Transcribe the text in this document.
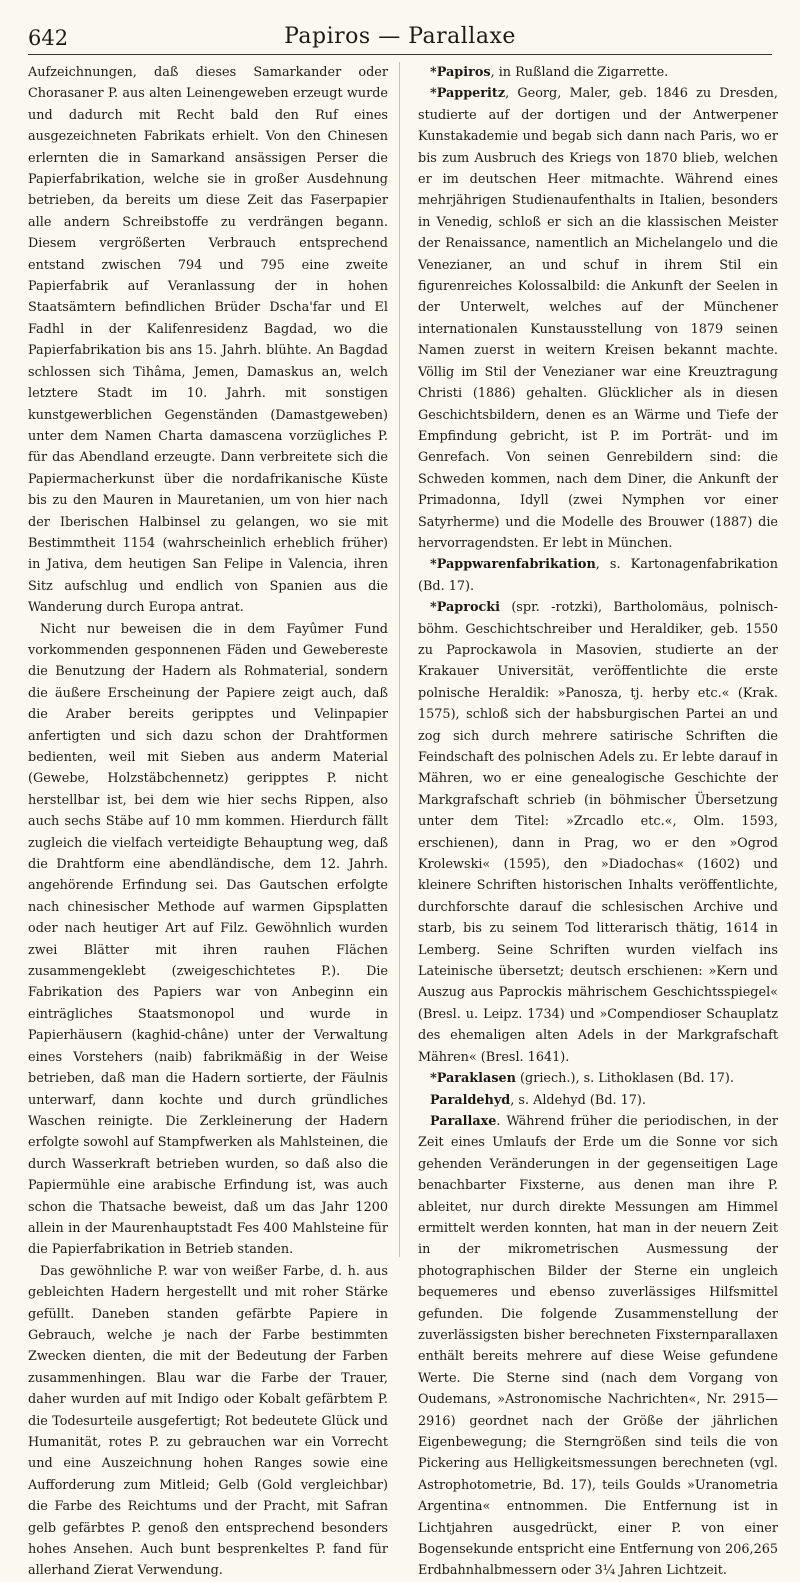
642	Papiros — Parallaxe

Aufzeichnungen, daß dieses Samarkander oder Chorasaner P. aus alten Leinengeweben erzeugt wurde und dadurch mit Recht bald den Ruf eines ausgezeichneten Fabrikats erhielt. Von den Chinesen erlernten die in Samarkand ansässigen Perser die Papierfabrikation, welche sie in großer Ausdehnung betrieben, da bereits um diese Zeit das Faserpapier alle andern Schreibstoffe zu verdrängen begann. Diesem vergrößerten Verbrauch entsprechend entstand zwischen 794 und 795 eine zweite Papierfabrik auf Veranlassung der in hohen Staatsämtern befindlichen Brüder Dscha'far und El Fadhl in der Kalifenresidenz Bagdad, wo die Papierfabrikation bis ans 15. Jahrh. blühte. An Bagdad schlossen sich Tihâma, Jemen, Damaskus an, welch letztere Stadt im 10. Jahrh. mit sonstigen kunstgewerblichen Gegenständen (Damastgeweben) unter dem Namen Charta damascena vorzügliches P. für das Abendland erzeugte. Dann verbreitete sich die Papiermacherkunst über die nordafrikanische Küste bis zu den Mauren in Mauretanien, um von hier nach der Iberischen Halbinsel zu gelangen, wo sie mit Bestimmtheit 1154 (wahrscheinlich erheblich früher) in Jativa, dem heutigen San Felipe in Valencia, ihren Sitz aufschlug und endlich von Spanien aus die Wanderung durch Europa antrat.

Nicht nur beweisen die in dem Fayûmer Fund vorkommenden gesponnenen Fäden und Gewebereste die Benutzung der Hadern als Rohmaterial, sondern die äußere Erscheinung der Papiere zeigt auch, daß die Araber bereits geripptes und Velinpapier anfertigten und sich dazu schon der Drahtformen bedienten, weil mit Sieben aus anderm Material (Gewebe, Holzstäbchennetz) geripptes P. nicht herstellbar ist, bei dem wie hier sechs Rippen, also auch sechs Stäbe auf 10 mm kommen. Hierdurch fällt zugleich die vielfach verteidigte Behauptung weg, daß die Drahtform eine abendländische, dem 12. Jahrh. angehörende Erfindung sei. Das Gautschen erfolgte nach chinesischer Methode auf warmen Gipsplatten oder nach heutiger Art auf Filz. Gewöhnlich wurden zwei Blätter mit ihren rauhen Flächen zusammengeklebt (zweigeschichtetes P.). Die Fabrikation des Papiers war von Anbeginn ein einträgliches Staatsmonopol und wurde in Papierhäusern (kaghid-châne) unter der Verwaltung eines Vorstehers (naib) fabrikmäßig in der Weise betrieben, daß man die Hadern sortierte, der Fäulnis unterwarf, dann kochte und durch gründliches Waschen reinigte. Die Zerkleinerung der Hadern erfolgte sowohl auf Stampfwerken als Mahlsteinen, die durch Wasserkraft betrieben wurden, so daß also die Papiermühle eine arabische Erfindung ist, was auch schon die Thatsache beweist, daß um das Jahr 1200 allein in der Maurenhauptstadt Fes 400 Mahlsteine für die Papierfabrikation in Betrieb standen.

Das gewöhnliche P. war von weißer Farbe, d. h. aus gebleichten Hadern hergestellt und mit roher Stärke gefüllt. Daneben standen gefärbte Papiere in Gebrauch, welche je nach der Farbe bestimmten Zwecken dienten, die mit der Bedeutung der Farben zusammenhingen. Blau war die Farbe der Trauer, daher wurden auf mit Indigo oder Kobalt gefärbtem P. die Todesurteile ausgefertigt; Rot bedeutete Glück und Humanität, rotes P. zu gebrauchen war ein Vorrecht und eine Auszeichnung hohen Ranges sowie eine Aufforderung zum Mitleid; Gelb (Gold vergleichbar) die Farbe des Reichtums und der Pracht, mit Safran gelb gefärbtes P. genoß den entsprechend besonders hohes Ansehen. Auch bunt besprenkeltes P. fand für allerhand Zierat Verwendung.

*Papiros, in Rußland die Zigarrette.

*Papperitz, Georg, Maler, geb. 1846 zu Dresden, studierte auf der dortigen und der Antwerpener Kunstakademie und begab sich dann nach Paris, wo er bis zum Ausbruch des Kriegs von 1870 blieb, welchen er im deutschen Heer mitmachte. Während eines mehrjährigen Studienaufenthalts in Italien, besonders in Venedig, schloß er sich an die klassischen Meister der Renaissance, namentlich an Michelangelo und die Venezianer, an und schuf in ihrem Stil ein figurenreiches Kolossalbild: die Ankunft der Seelen in der Unterwelt, welches auf der Münchener internationalen Kunstausstellung von 1879 seinen Namen zuerst in weitern Kreisen bekannt machte. Völlig im Stil der Venezianer war eine Kreuztragung Christi (1886) gehalten. Glücklicher als in diesen Geschichtsbildern, denen es an Wärme und Tiefe der Empfindung gebricht, ist P. im Porträt- und im Genrefach. Von seinen Genrebildern sind: die Schweden kommen, nach dem Diner, die Ankunft der Primadonna, Idyll (zwei Nymphen vor einer Satyrherme) und die Modelle des Brouwer (1887) die hervorragendsten. Er lebt in München.

*Pappwarenfabrikation, s. Kartonagenfabrikation (Bd. 17).

*Paprocki (spr. -rotzki), Bartholomäus, polnisch-böhm. Geschichtschreiber und Heraldiker, geb. 1550 zu Paprockawola in Masovien, studierte an der Krakauer Universität, veröffentlichte die erste polnische Heraldik: »Panosza, tj. herby etc.« (Krak. 1575), schloß sich der habsburgischen Partei an und zog sich durch mehrere satirische Schriften die Feindschaft des polnischen Adels zu. Er lebte darauf in Mähren, wo er eine genealogische Geschichte der Markgrafschaft schrieb (in böhmischer Übersetzung unter dem Titel: »Zrcadlo etc.«, Olm. 1593, erschienen), dann in Prag, wo er den »Ogrod Krolewski« (1595), den »Diadochas« (1602) und kleinere Schriften historischen Inhalts veröffentlichte, durchforschte darauf die schlesischen Archive und starb, bis zu seinem Tod litterarisch thätig, 1614 in Lemberg. Seine Schriften wurden vielfach ins Lateinische übersetzt; deutsch erschienen: »Kern und Auszug aus Paprockis mährischem Geschichtsspiegel« (Bresl. u. Leipz. 1734) und »Compendioser Schauplatz des ehemaligen alten Adels in der Markgrafschaft Mähren« (Bresl. 1641).

*Paraklasen (griech.), s. Lithoklasen (Bd. 17).

Paraldehyd, s. Aldehyd (Bd. 17).

Parallaxe. Während früher die periodischen, in der Zeit eines Umlaufs der Erde um die Sonne vor sich gehenden Veränderungen in der gegenseitigen Lage benachbarter Fixsterne, aus denen man ihre P. ableitet, nur durch direkte Messungen am Himmel ermittelt werden konnten, hat man in der neuern Zeit in der mikrometrischen Ausmessung der photographischen Bilder der Sterne ein ungleich bequemeres und ebenso zuverlässiges Hilfsmittel gefunden. Die folgende Zusammenstellung der zuverlässigsten bisher berechneten Fixsternparallaxen enthält bereits mehrere auf diese Weise gefundene Werte. Die Sterne sind (nach dem Vorgang von Oudemans, »Astronomische Nachrichten«, Nr. 2915—2916) geordnet nach der Größe der jährlichen Eigenbewegung; die Sterngrößen sind teils die von Pickering aus Helligkeitsmessungen berechneten (vgl. Astrophotometrie, Bd. 17), teils Goulds »Uranometria Argentina« entnommen. Die Entfernung ist in Lichtjahren ausgedrückt, einer P. von einer Bogensekunde entspricht eine Entfernung von 206,265 Erdbahnhalbmessern oder 3¼ Jahren Lichtzeit.
